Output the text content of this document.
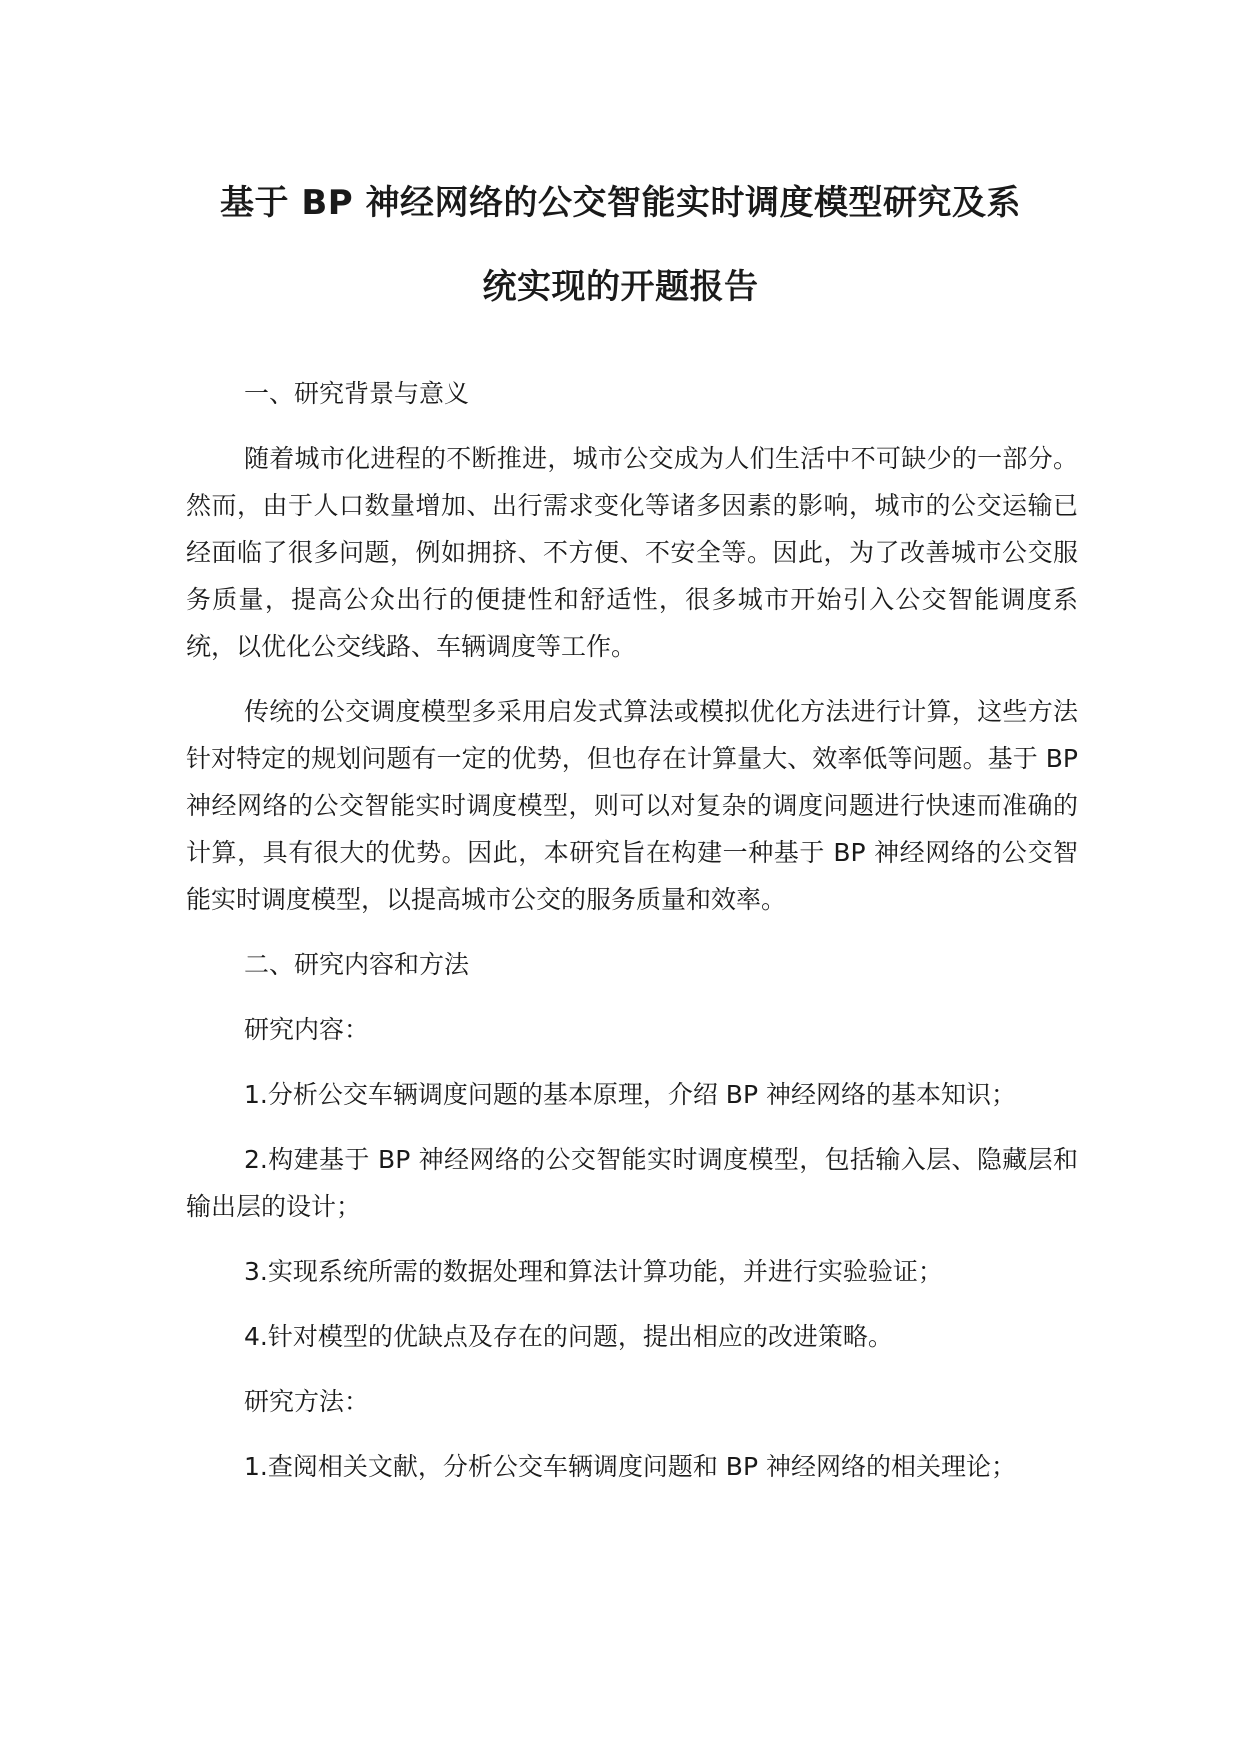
基于 BP 神经网络的公交智能实时调度模型研究及系
统实现的开题报告

一、研究背景与意义

随着城市化进程的不断推进，城市公交成为人们生活中不可缺少的一部分。然而，由于人口数量增加、出行需求变化等诸多因素的影响，城市的公交运输已经面临了很多问题，例如拥挤、不方便、不安全等。因此，为了改善城市公交服务质量，提高公众出行的便捷性和舒适性，很多城市开始引入公交智能调度系统，以优化公交线路、车辆调度等工作。

传统的公交调度模型多采用启发式算法或模拟优化方法进行计算，这些方法针对特定的规划问题有一定的优势，但也存在计算量大、效率低等问题。基于 BP 神经网络的公交智能实时调度模型，则可以对复杂的调度问题进行快速而准确的计算，具有很大的优势。因此，本研究旨在构建一种基于 BP 神经网络的公交智能实时调度模型，以提高城市公交的服务质量和效率。

二、研究内容和方法

研究内容：

1.分析公交车辆调度问题的基本原理，介绍 BP 神经网络的基本知识；

2.构建基于 BP 神经网络的公交智能实时调度模型，包括输入层、隐藏层和输出层的设计；

3.实现系统所需的数据处理和算法计算功能，并进行实验验证；

4.针对模型的优缺点及存在的问题，提出相应的改进策略。

研究方法：

1.查阅相关文献，分析公交车辆调度问题和 BP 神经网络的相关理论；
